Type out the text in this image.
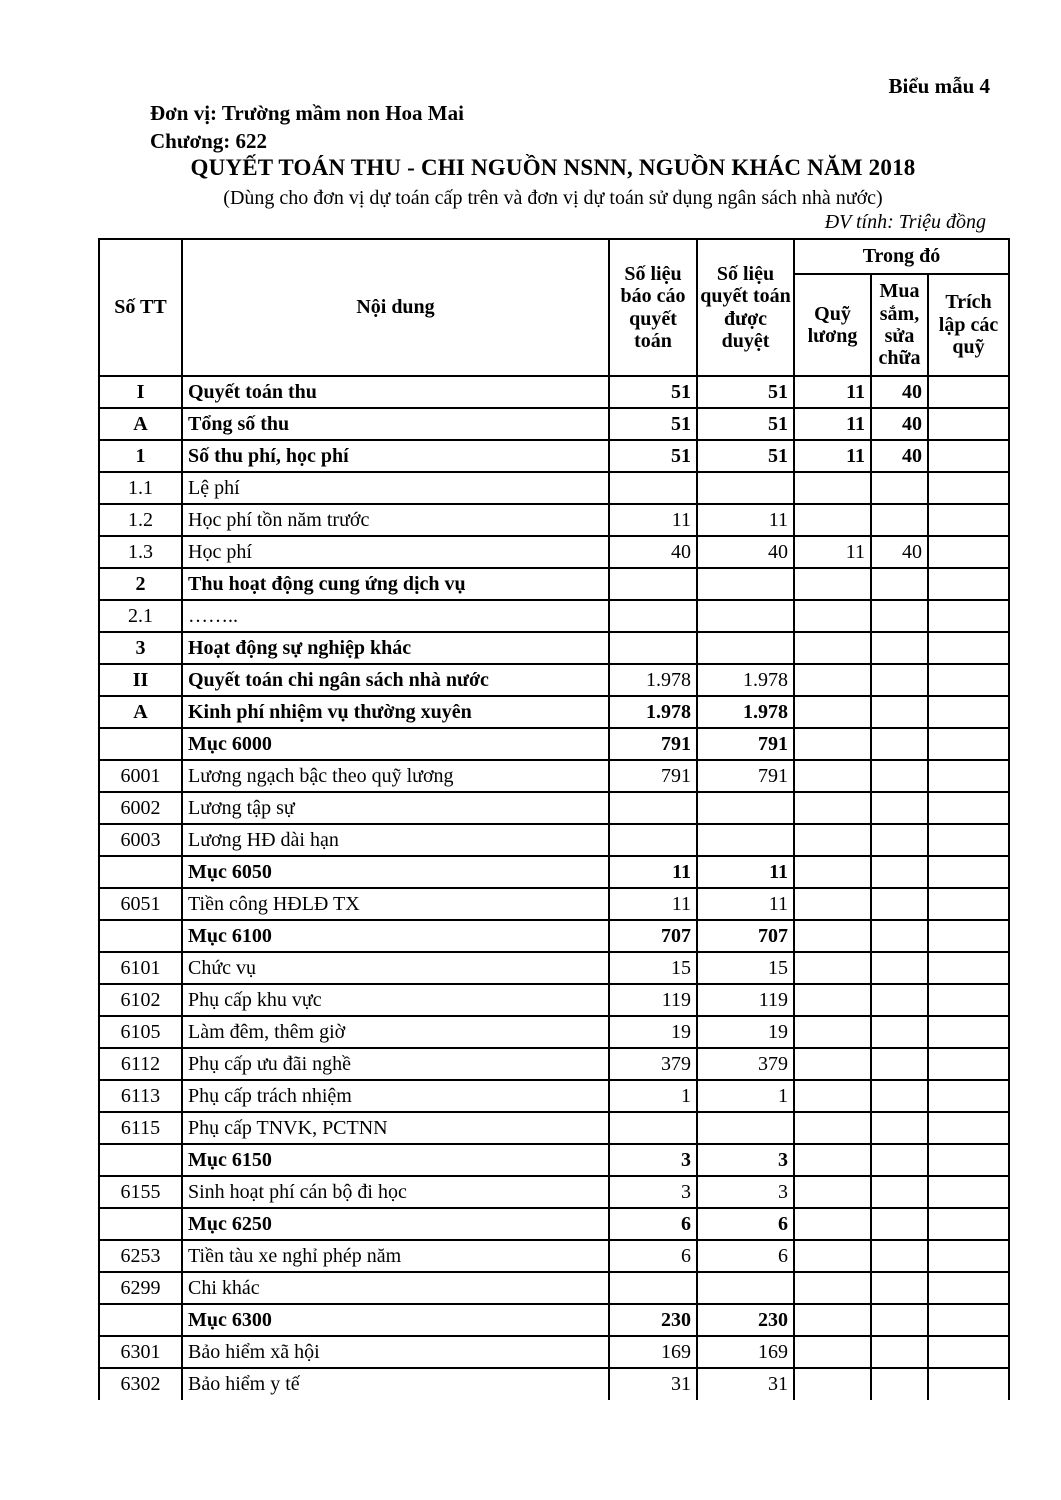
Biểu mẫu 4
Đơn vị: Trường mầm non Hoa Mai
Chương: 622
QUYẾT TOÁN THU - CHI NGUỒN NSNN, NGUỒN KHÁC NĂM 2018
(Dùng cho đơn vị dự toán cấp trên và đơn vị dự toán sử dụng ngân sách nhà nước)
ĐV tính: Triệu đồng
Số TT	Nội dung	Số liệu báo cáo quyết toán	Số liệu quyết toán được duyệt	Trong đó		
				Quỹ lương	Mua sắm, sửa chữa	Trích lập các quỹ
I	Quyết toán thu	51	51	11	40	
A	Tổng số thu	51	51	11	40	
1	Số thu phí, học phí	51	51	11	40	
1.1	Lệ phí					
1.2	Học phí tồn năm trước	11	11			
1.3	Học phí	40	40	11	40	
2	Thu hoạt động cung ứng dịch vụ					
2.1	……..					
3	Hoạt động sự nghiệp khác					
II	Quyết toán chi ngân sách nhà nước	1.978	1.978			
A	Kinh phí nhiệm vụ thường xuyên	1.978	1.978			
	Mục 6000	791	791			
6001	Lương ngạch bậc theo quỹ lương	791	791			
6002	Lương tập sự					
6003	Lương HĐ dài hạn					
	Mục 6050	11	11			
6051	Tiền công HĐLĐ TX	11	11			
	Mục 6100	707	707			
6101	Chức vụ	15	15			
6102	Phụ cấp khu vực	119	119			
6105	Làm đêm, thêm giờ	19	19			
6112	Phụ cấp ưu đãi nghề	379	379			
6113	Phụ cấp trách nhiệm	1	1			
6115	Phụ cấp TNVK, PCTNN					
	Mục 6150	3	3			
6155	Sinh hoạt phí cán bộ đi học	3	3			
	Mục 6250	6	6			
6253	Tiền tàu xe nghỉ phép năm	6	6			
6299	Chi khác					
	Mục 6300	230	230			
6301	Bảo hiểm xã hội	169	169			
6302	Bảo hiểm y tế	31	31			
